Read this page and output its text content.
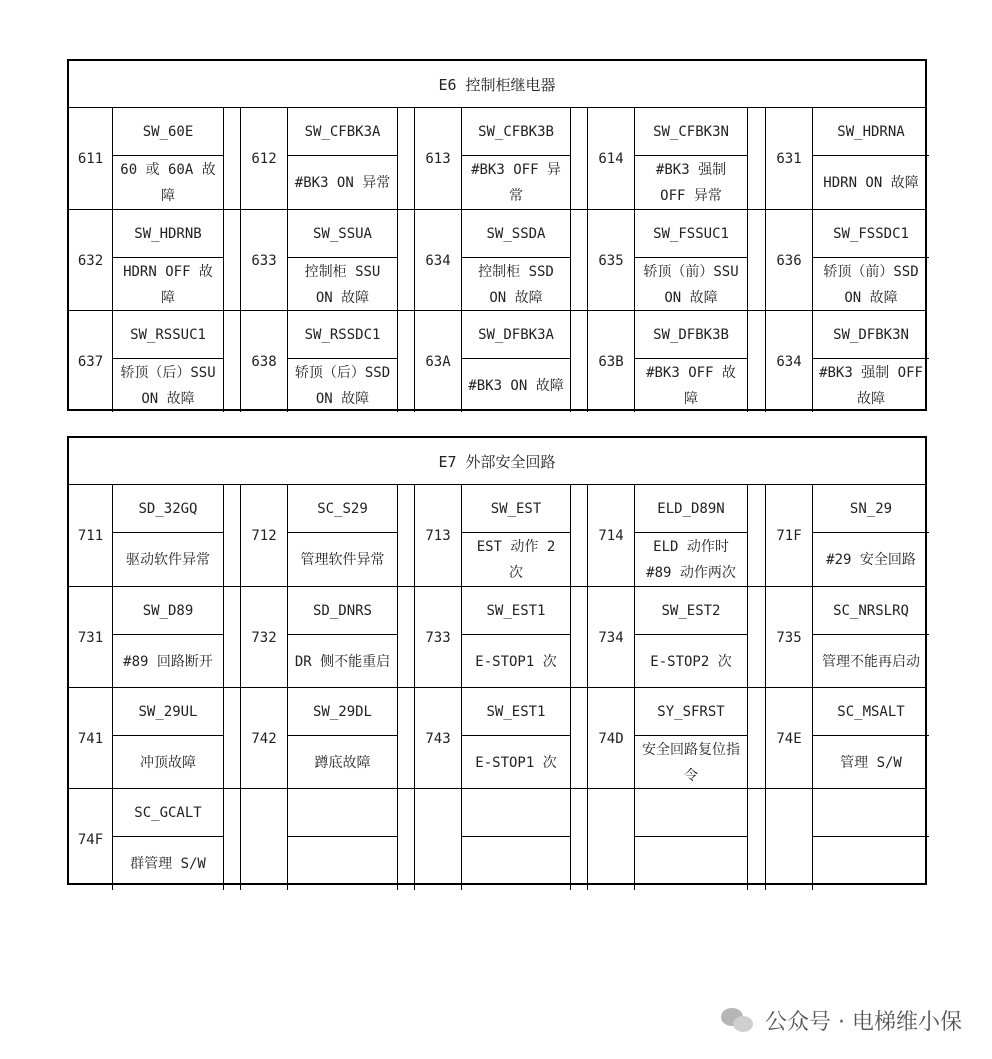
E6 控制柜继电器
611
SW_60E
60 或 60A 故障
612
SW_CFBK3A
#BK3 ON 异常
613
SW_CFBK3B
#BK3 OFF 异常
614
SW_CFBK3N
#BK3 强制 OFF 异常
631
SW_HDRNA
HDRN ON 故障
632
SW_HDRNB
HDRN OFF 故障
633
SW_SSUA
控制柜 SSU ON 故障
634
SW_SSDA
控制柜 SSD ON 故障
635
SW_FSSUC1
轿顶（前）SSU ON 故障
636
SW_FSSDC1
轿顶（前）SSD ON 故障
637
SW_RSSUC1
轿顶（后）SSU ON 故障
638
SW_RSSDC1
轿顶（后）SSD ON 故障
63A
SW_DFBK3A
#BK3 ON 故障
63B
SW_DFBK3B
#BK3 OFF 故障
634
SW_DFBK3N
#BK3 强制 OFF 故障
E7 外部安全回路
711
SD_32GQ
驱动软件异常
712
SC_S29
管理软件异常
713
SW_EST
EST 动作 2 次
714
ELD_D89N
ELD 动作时#89 动作两次
71F
SN_29
#29 安全回路
731
SW_D89
#89 回路断开
732
SD_DNRS
DR 侧不能重启
733
SW_EST1
E-STOP1 次
734
SW_EST2
E-STOP2 次
735
SC_NRSLRQ
管理不能再启动
741
SW_29UL
冲顶故障
742
SW_29DL
蹲底故障
743
SW_EST1
E-STOP1 次
74D
SY_SFRST
安全回路复位指令
74E
SC_MSALT
管理 S/W
74F
SC_GCALT
群管理 S/W
公众号 · 电梯维小保
